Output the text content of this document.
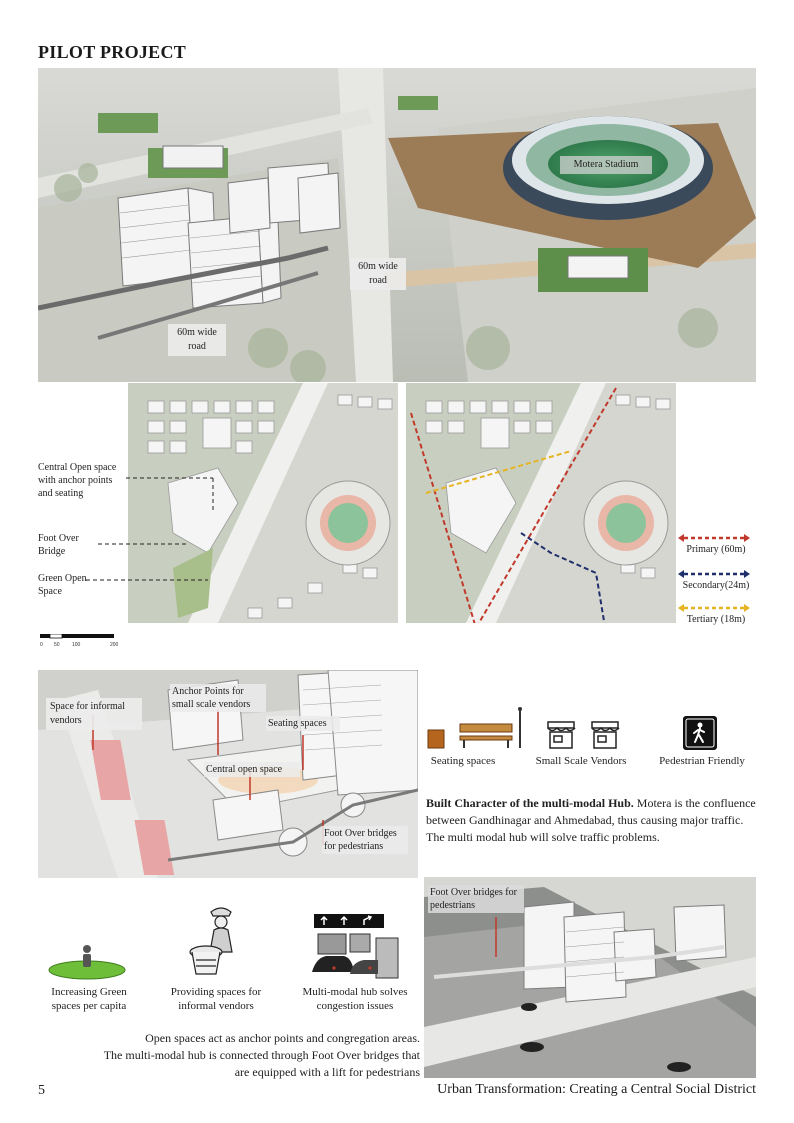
PILOT PROJECT
Motera Stadium
60m wide road
60m wide road
Central Open space with anchor points and seating
Foot Over Bridge
Green Open Space
0 50 100	200
Primary (60m)
Secondary(24m)
Tertiary (18m)
Space for informal vendors
Anchor Points for small scale vendors
Seating spaces
Central open space
Foot Over bridges for pedestrians
Seating spaces	Small Scale Vendors	Pedestrian Friendly
Built Character of the multi-modal Hub. Motera is the confluence between Gandhinagar and Ahmedabad, thus causing major traffic. The multi modal hub will solve traffic problems.
Increasing Green spaces per capita
Providing spaces for informal vendors
Multi-modal hub solves congestion issues
Foot Over bridges for pedestrians
Open spaces act as anchor points and congregation areas.
The multi-modal hub is connected through Foot Over bridges that
are equipped with a lift for pedestrians
5	Urban Transformation: Creating a Central Social District
